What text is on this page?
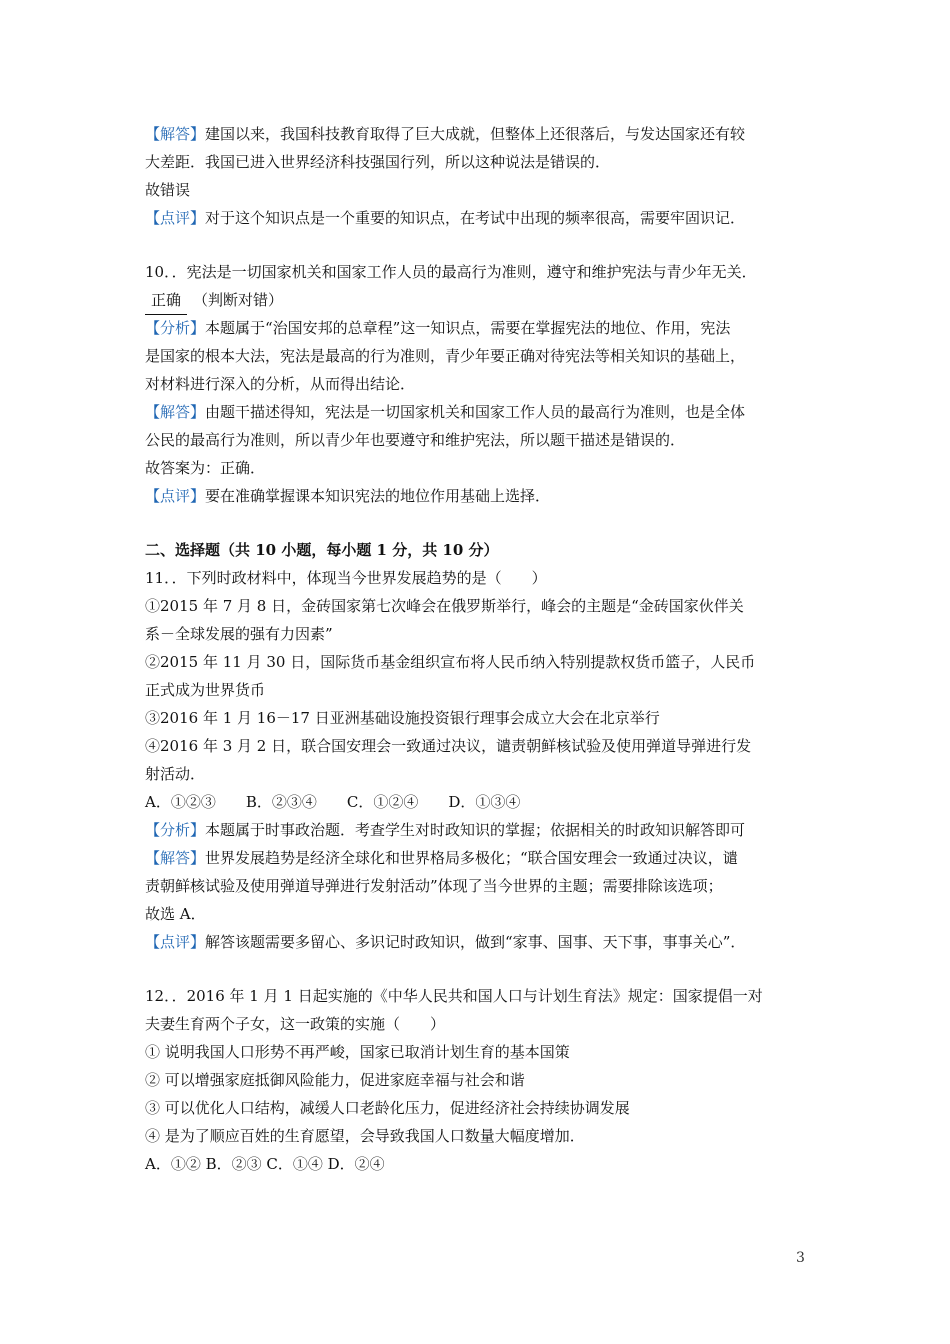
【解答】建国以来，我国科技教育取得了巨大成就，但整体上还很落后，与发达国家还有较
大差距．我国已进入世界经济科技强国行列，所以这种说法是错误的．
故错误
【点评】对于这个知识点是一个重要的知识点，在考试中出现的频率很高，需要牢固识记．
10．．宪法是一切国家机关和国家工作人员的最高行为准则，遵守和维护宪法与青少年无关．
正确 （判断对错）
【分析】本题属于“治国安邦的总章程”这一知识点，需要在掌握宪法的地位、作用，宪法
是国家的根本大法，宪法是最高的行为准则，青少年要正确对待宪法等相关知识的基础上，
对材料进行深入的分析，从而得出结论．
【解答】由题干描述得知，宪法是一切国家机关和国家工作人员的最高行为准则，也是全体
公民的最高行为准则，所以青少年也要遵守和维护宪法，所以题干描述是错误的．
故答案为：正确．
【点评】要在准确掌握课本知识宪法的地位作用基础上选择．
二、选择题（共 10 小题，每小题 1 分，共 10 分）
11．．下列时政材料中，体现当今世界发展趋势的是（　　）
①2015 年 7 月 8 日，金砖国家第七次峰会在俄罗斯举行，峰会的主题是“金砖国家伙伴关
系－全球发展的强有力因素”
②2015 年 11 月 30 日，国际货币基金组织宣布将人民币纳入特别提款权货币篮子，人民币
正式成为世界货币
③2016 年 1 月 16－17 日亚洲基础设施投资银行理事会成立大会在北京举行
④2016 年 3 月 2 日，联合国安理会一致通过决议，谴责朝鲜核试验及使用弹道导弹进行发
射活动．
A．①②③　　B．②③④　　C．①②④　　D．①③④
【分析】本题属于时事政治题．考查学生对时政知识的掌握；依据相关的时政知识解答即可
【解答】世界发展趋势是经济全球化和世界格局多极化；“联合国安理会一致通过决议，谴
责朝鲜核试验及使用弹道导弹进行发射活动”体现了当今世界的主题；需要排除该选项；
故选 A．
【点评】解答该题需要多留心、多识记时政知识，做到“家事、国事、天下事，事事关心”．
12．．2016 年 1 月 1 日起实施的《中华人民共和国人口与计划生育法》规定：国家提倡一对
夫妻生育两个子女，这一政策的实施（　　）
① 说明我国人口形势不再严峻，国家已取消计划生育的基本国策
② 可以增强家庭抵御风险能力，促进家庭幸福与社会和谐
③ 可以优化人口结构，减缓人口老龄化压力，促进经济社会持续协调发展
④ 是为了顺应百姓的生育愿望，会导致我国人口数量大幅度增加．
A．①② B．②③ C．①④ D．②④
3
